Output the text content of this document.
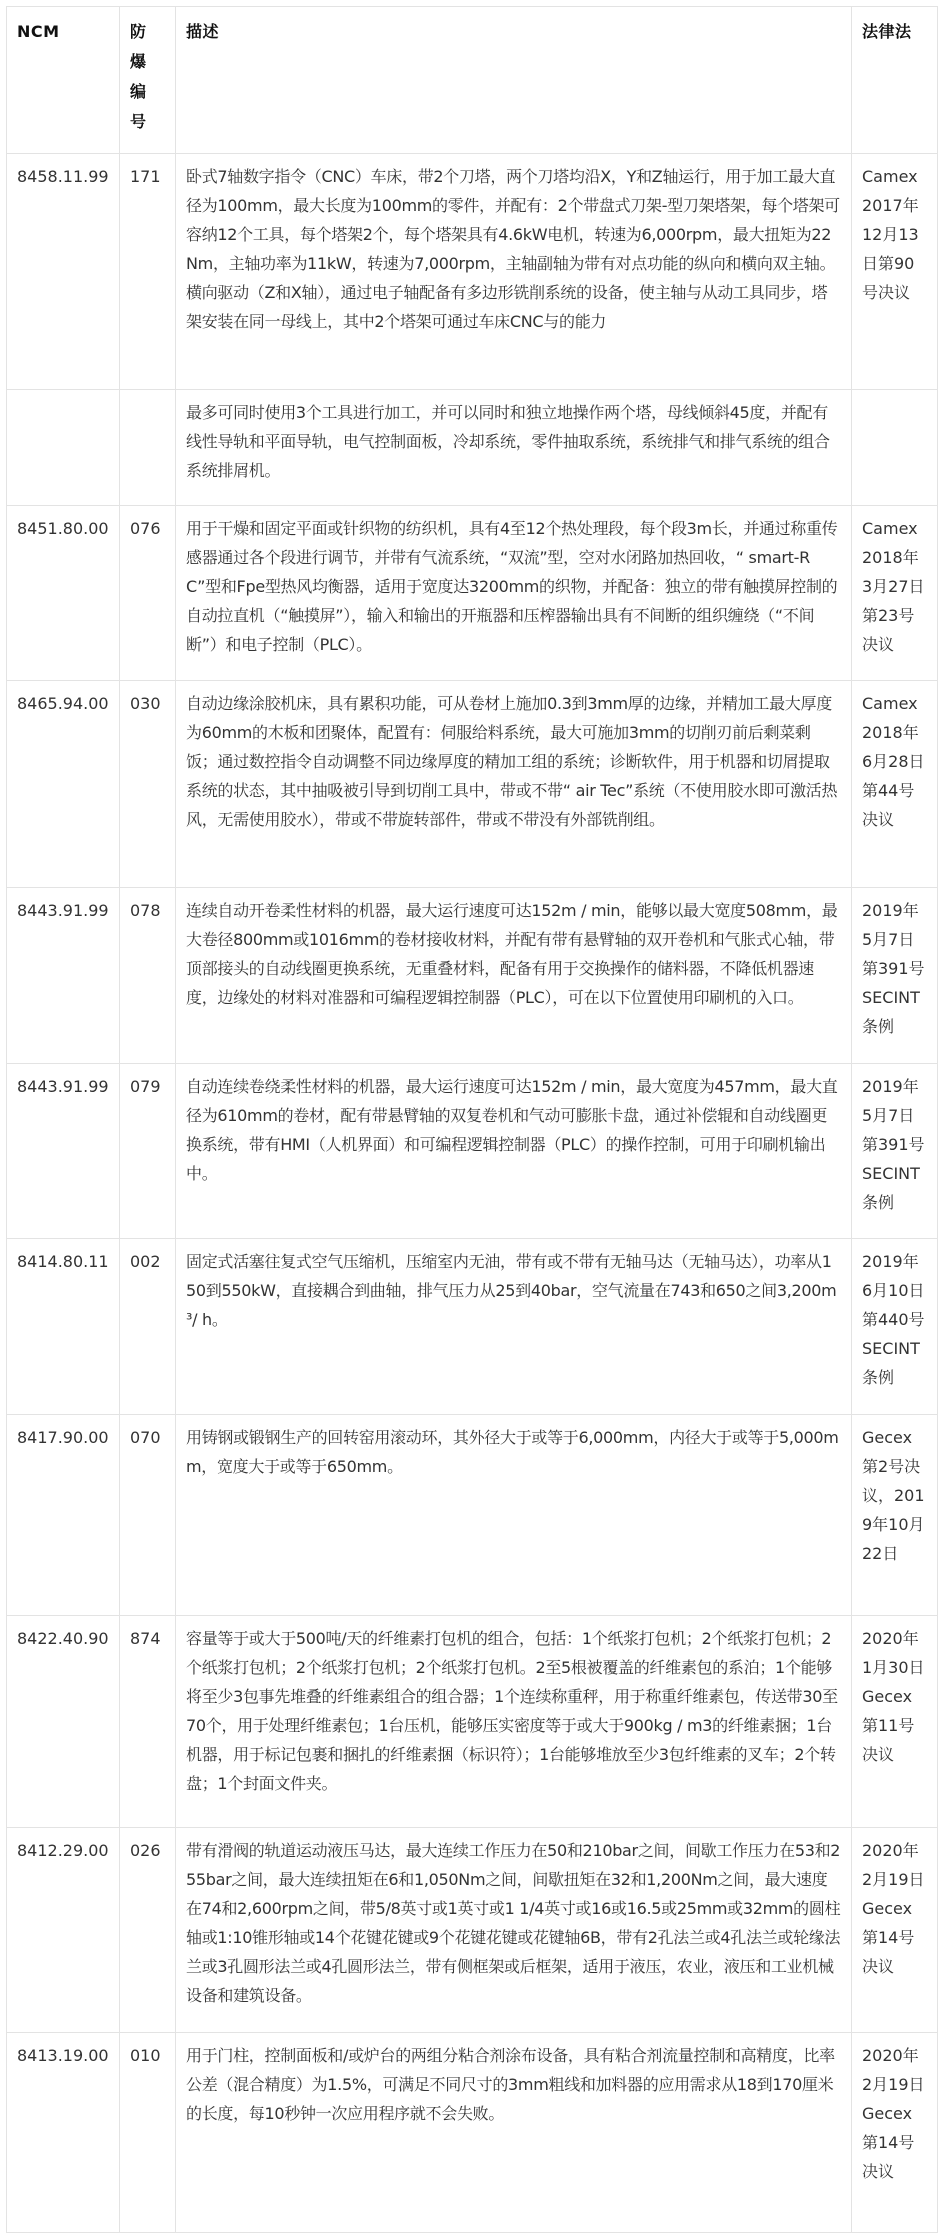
NCM	防爆编号	描述	法律法
8458.11.99	171	卧式7轴数字指令（CNC）车床，带2个刀塔，两个刀塔均沿X，Y和Z轴运行，用于加工最大直径为100mm，最大长度为100mm的零件，并配有：2个带盘式刀架-型刀架塔架，每个塔架可容纳12个工具，每个塔架2个，每个塔架具有4.6kW电机，转速为6,000rpm，最大扭矩为22Nm，主轴功率为11kW，转速为7,000rpm，主轴副轴为带有对点功能的纵向和横向双主轴。横向驱动（Z和X轴），通过电子轴配备有多边形铣削系统的设备，使主轴与从动工具同步，塔架安装在同一母线上，其中2个塔架可通过车床CNC与的能力	Camex 2017年12月13日第90号决议
		最多可同时使用3个工具进行加工，并可以同时和独立地操作两个塔，母线倾斜45度，并配有线性导轨和平面导轨，电气控制面板，冷却系统，零件抽取系统，系统排气和排气系统的组合系统排屑机。	
8451.80.00	076	用于干燥和固定平面或针织物的纺织机，具有4至12个热处理段，每个段3m长，并通过称重传感器通过各个段进行调节，并带有气流系统，“双流”型，空对水闭路加热回收，“ smart-RC”型和Fpe型热风均衡器，适用于宽度达3200mm的织物，并配备：独立的带有触摸屏控制的自动拉直机（“触摸屏”），输入和输出的开瓶器和压榨器输出具有不间断的组织缠绕（“不间断”）和电子控制（PLC）。	Camex 2018年3月27日第23号决议
8465.94.00	030	自动边缘涂胶机床，具有累积功能，可从卷材上施加0.3到3mm厚的边缘，并精加工最大厚度为60mm的木板和团聚体，配置有：伺服给料系统，最大可施加3mm的切削刃前后剩菜剩饭；通过数控指令自动调整不同边缘厚度的精加工组的系统；诊断软件，用于机器和切屑提取系统的状态，其中抽吸被引导到切削工具中，带或不带“ air Tec”系统（不使用胶水即可激活热风，无需使用胶水），带或不带旋转部件，带或不带没有外部铣削组。	Camex 2018年6月28日第44号决议
8443.91.99	078	连续自动开卷柔性材料的机器，最大运行速度可达152m / min，能够以最大宽度508mm，最大卷径800mm或1016mm的卷材接收材料，并配有带有悬臂轴的双开卷机和气胀式心轴，带顶部接头的自动线圈更换系统，无重叠材料，配备有用于交换操作的储料器，不降低机器速度，边缘处的材料对准器和可编程逻辑控制器（PLC），可在以下位置使用印刷机的入口。	2019年5月7日第391号SECINT条例
8443.91.99	079	自动连续卷绕柔性材料的机器，最大运行速度可达152m / min，最大宽度为457mm，最大直径为610mm的卷材，配有带悬臂轴的双复卷机和气动可膨胀卡盘，通过补偿辊和自动线圈更换系统，带有HMI（人机界面）和可编程逻辑控制器（PLC）的操作控制，可用于印刷机输出中。	2019年5月7日第391号SECINT条例
8414.80.11	002	固定式活塞往复式空气压缩机，压缩室内无油，带有或不带有无轴马达（无轴马达），功率从150到550kW，直接耦合到曲轴，排气压力从25到40bar，空气流量在743和650之间3,200m³/ h。	2019年6月10日第440号SECINT条例
8417.90.00	070	用铸钢或锻钢生产的回转窑用滚动环，其外径大于或等于6,000mm，内径大于或等于5,000mm，宽度大于或等于650mm。	Gecex 第2号决议，2019年10月22日
8422.40.90	874	容量等于或大于500吨/天的纤维素打包机的组合，包括：1个纸浆打包机；2个纸浆打包机；2个纸浆打包机；2个纸浆打包机；2个纸浆打包机。2至5根被覆盖的纤维素包的系泊；1个能够将至少3包事先堆叠的纤维素组合的组合器；1个连续称重秤，用于称重纤维素包，传送带30至70个，用于处理纤维素包；1台压机，能够压实密度等于或大于900kg / m3的纤维素捆；1台机器，用于标记包裹和捆扎的纤维素捆（标识符）；1台能够堆放至少3包纤维素的叉车；2个转盘；1个封面文件夹。	2020年1月30日 Gecex 第11号决议
8412.29.00	026	带有滑阀的轨道运动液压马达，最大连续工作压力在50和210bar之间，间歇工作压力在53和255bar之间，最大连续扭矩在6和1,050Nm之间，间歇扭矩在32和1,200Nm之间，最大速度在74和2,600rpm之间，带5/8英寸或1英寸或1 1/4英寸或16或16.5或25mm或32mm的圆柱轴或1:10锥形轴或14个花键花键或9个花键花键或花键轴6B，带有2孔法兰或4孔法兰或轮缘法兰或3孔圆形法兰或4孔圆形法兰，带有侧框架或后框架，适用于液压，农业，液压和工业机械设备和建筑设备。	2020年2月19日 Gecex 第14号决议
8413.19.00	010	用于门柱，控制面板和/或炉台的两组分粘合剂涂布设备，具有粘合剂流量控制和高精度，比率公差（混合精度）为1.5%，可满足不同尺寸的3mm粗线和加料器的应用需求从18到170厘米的长度，每10秒钟一次应用程序就不会失败。	2020年2月19日 Gecex 第14号决议
